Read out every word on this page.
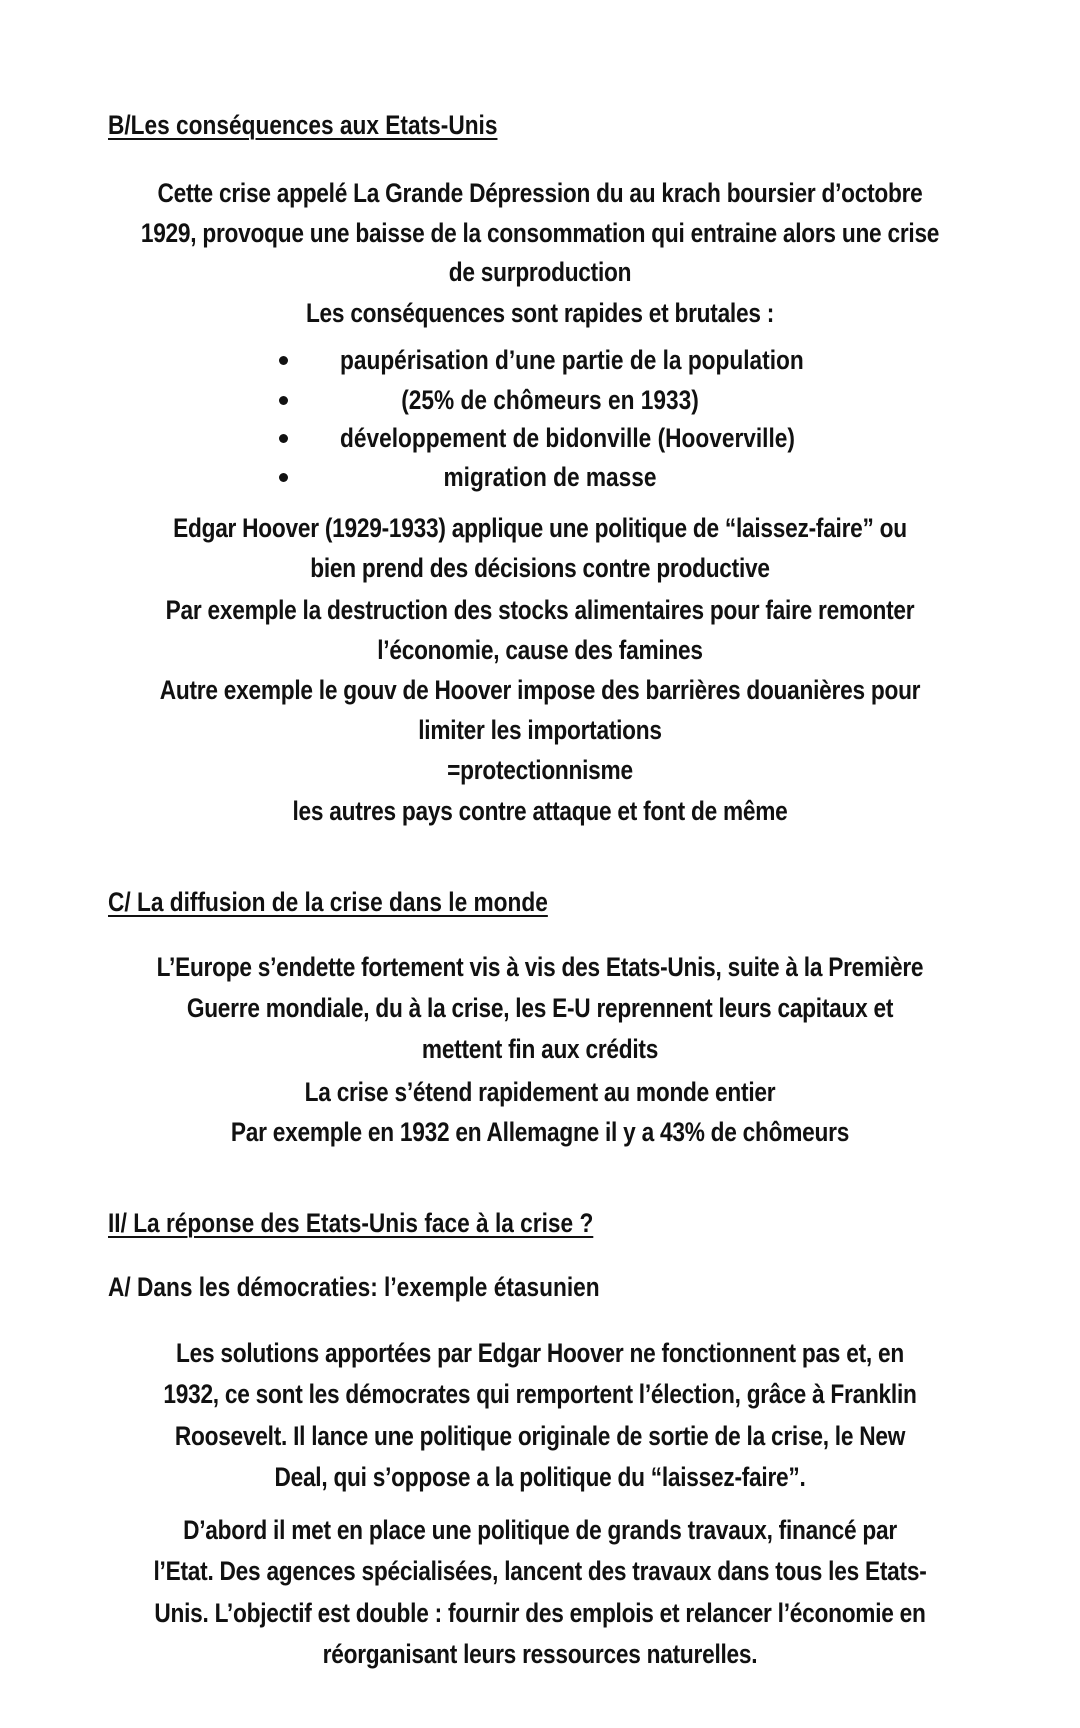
B/Les conséquences aux Etats-Unis
Cette crise appelé La Grande Dépression du au krach boursier d’octobre
1929, provoque une baisse de la consommation qui entraine alors une crise
de surproduction
Les conséquences sont rapides et brutales :
paupérisation d’une partie de la population
(25% de chômeurs en 1933)
développement de bidonville (Hooverville)
migration de masse
Edgar Hoover (1929-1933) applique une politique de “laissez-faire” ou
bien prend des décisions contre productive
Par exemple la destruction des stocks alimentaires pour faire remonter
l’économie, cause des famines
Autre exemple le gouv de Hoover impose des barrières douanières pour
limiter les importations
=protectionnisme
les autres pays contre attaque et font de même
C/ La diffusion de la crise dans le monde
L’Europe s’endette fortement vis à vis des Etats-Unis, suite à la Première
Guerre mondiale, du à la crise, les E-U reprennent leurs capitaux et
mettent fin aux crédits
La crise s’étend rapidement au monde entier
Par exemple en 1932 en Allemagne il y a 43% de chômeurs
II/ La réponse des Etats-Unis face à la crise ?
A/ Dans les démocraties: l’exemple étasunien
Les solutions apportées par Edgar Hoover ne fonctionnent pas et, en
1932, ce sont les démocrates qui remportent l’élection, grâce à Franklin
Roosevelt. Il lance une politique originale de sortie de la crise, le New
Deal, qui s’oppose a la politique du “laissez-faire”.
D’abord il met en place une politique de grands travaux, financé par
l’Etat. Des agences spécialisées, lancent des travaux dans tous les Etats-
Unis. L’objectif est double : fournir des emplois et relancer l’économie en
réorganisant leurs ressources naturelles.
